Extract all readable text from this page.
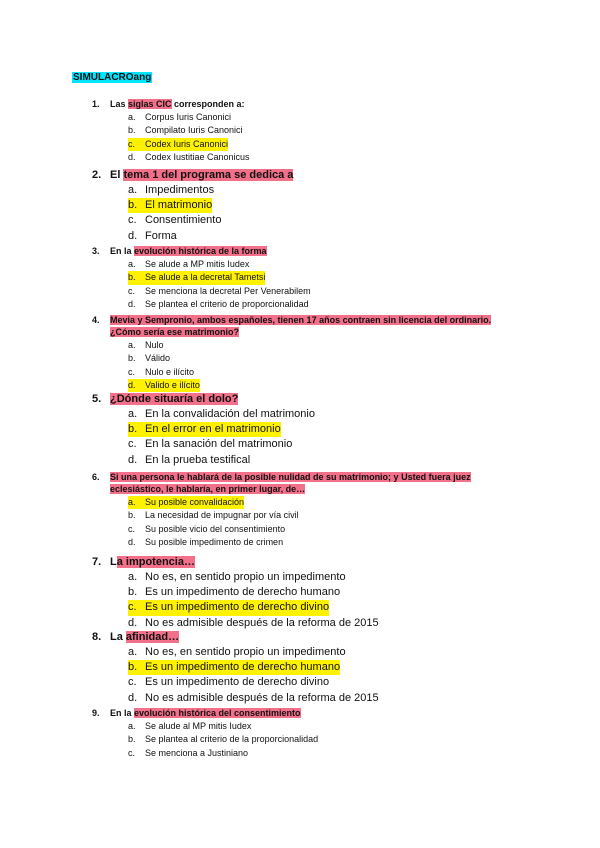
SIMULACROang
1.	Las siglas CIC corresponden a:
a.	Corpus Iuris Canonici
b.	Compilato Iuris Canonici
c.	Codex Iuris Canonici
d.	Codex Iustitiae Canonicus
2. El tema 1 del programa se dedica a
a. Impedimentos
b. El matrimonio
c. Consentimiento
d. Forma
3.	En la evolución histórica de la forma
a.	Se alude a MP mitis Iudex
b.	Se alude a la decretal Tametsi
c.	Se menciona la decretal Per Venerabilem
d.	Se plantea el criterio de proporcionalidad
4.	Mevia y Sempronio, ambos españoles, tienen 17 años contraen sin licencia del ordinario.
¿Cómo sería ese matrimonio?
a.	Nulo
b.	Válido
c.	Nulo e ilícito
d.	Valido e ilícito
5. ¿Dónde situaría el dolo?
a. En la convalidación del matrimonio
b. En el error en el matrimonio
c. En la sanación del matrimonio
d. En la prueba testifical
6.	Si una persona le hablará de la posible nulidad de su matrimonio; y Usted fuera juez
eclesiástico, le hablaría, en primer lugar, de…
a.	Su posible convalidación
b.	La necesidad de impugnar por vía civil
c.	Su posible vicio del consentimiento
d.	Su posible impedimento de crimen
7. La impotencia…
a. No es, en sentido propio un impedimento
b. Es un impedimento de derecho humano
c. Es un impedimento de derecho divino
d. No es admisible después de la reforma de 2015
8. La afinidad…
a. No es, en sentido propio un impedimento
b. Es un impedimento de derecho humano
c. Es un impedimento de derecho divino
d. No es admisible después de la reforma de 2015
9.	En la evolución histórica del consentimiento
a.	Se alude al MP mitis Iudex
b.	Se plantea al criterio de la proporcionalidad
c.	Se menciona a Justiniano
